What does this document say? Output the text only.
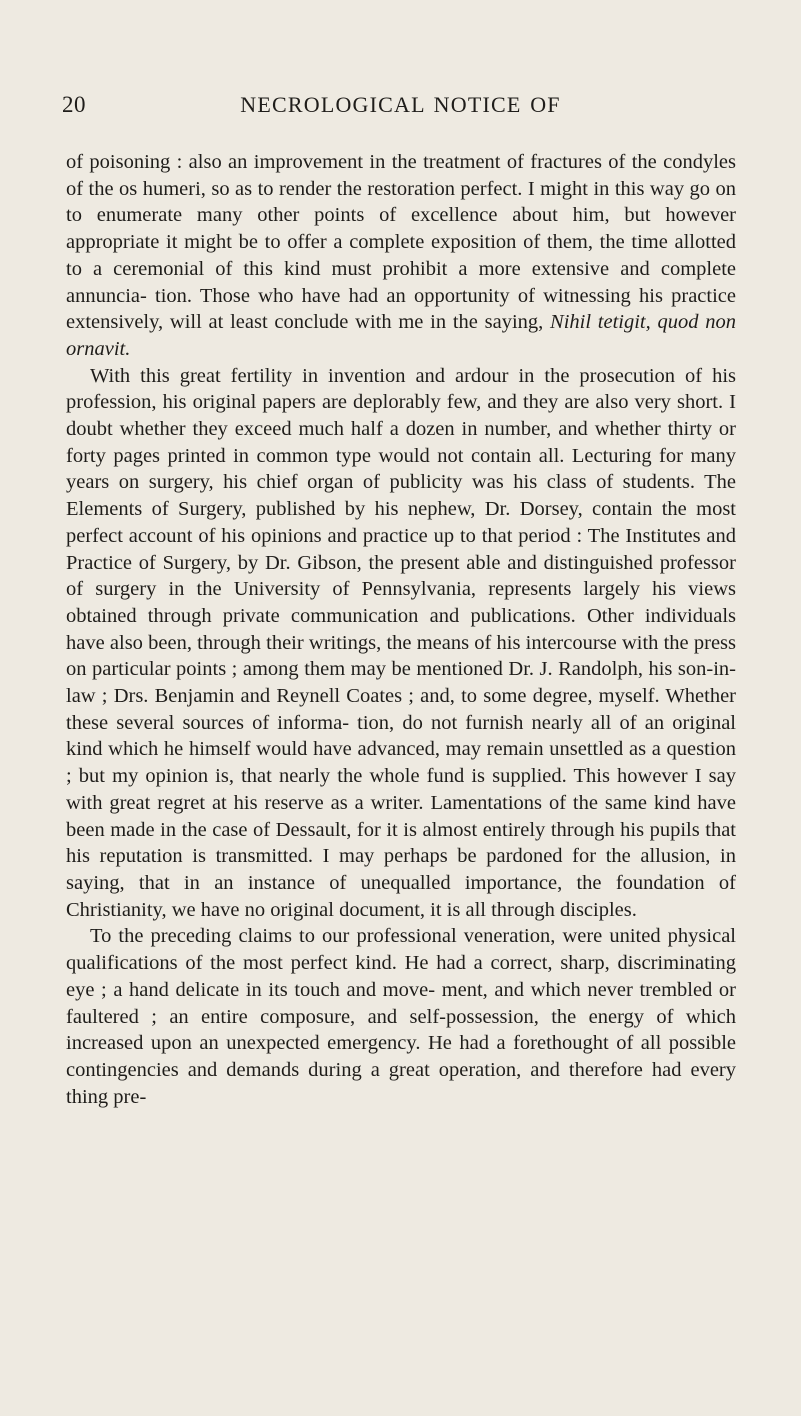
20	NECROLOGICAL NOTICE OF

of poisoning : also an improvement in the treatment of fractures of the condyles of the os humeri, so as to render the restoration perfect. I might in this way go on to enumerate many other points of excellence about him, but however appropriate it might be to offer a complete exposition of them, the time allotted to a ceremonial of this kind must prohibit a more extensive and complete annuncia- tion. Those who have had an opportunity of witnessing his practice extensively, will at least conclude with me in the saying, Nihil tetigit, quod non ornavit.

With this great fertility in invention and ardour in the prosecution of his profession, his original papers are deplorably few, and they are also very short. I doubt whether they exceed much half a dozen in number, and whether thirty or forty pages printed in common type would not contain all. Lecturing for many years on surgery, his chief organ of publicity was his class of students. The Elements of Surgery, published by his nephew, Dr. Dorsey, contain the most perfect account of his opinions and practice up to that period : The Institutes and Practice of Surgery, by Dr. Gibson, the present able and distinguished professor of surgery in the University of Pennsylvania, represents largely his views obtained through private communication and publications. Other individuals have also been, through their writings, the means of his intercourse with the press on particular points ; among them may be mentioned Dr. J. Randolph, his son-in-law ; Drs. Benjamin and Reynell Coates ; and, to some degree, myself. Whether these several sources of informa- tion, do not furnish nearly all of an original kind which he himself would have advanced, may remain unsettled as a question ; but my opinion is, that nearly the whole fund is supplied. This however I say with great regret at his reserve as a writer. Lamentations of the same kind have been made in the case of Dessault, for it is almost entirely through his pupils that his reputation is transmitted. I may perhaps be pardoned for the allusion, in saying, that in an instance of unequalled importance, the foundation of Christianity, we have no original document, it is all through disciples.

To the preceding claims to our professional veneration, were united physical qualifications of the most perfect kind. He had a correct, sharp, discriminating eye ; a hand delicate in its touch and move- ment, and which never trembled or faultered ; an entire composure, and self-possession, the energy of which increased upon an unexpected emergency. He had a forethought of all possible contingencies and demands during a great operation, and therefore had every thing pre-
